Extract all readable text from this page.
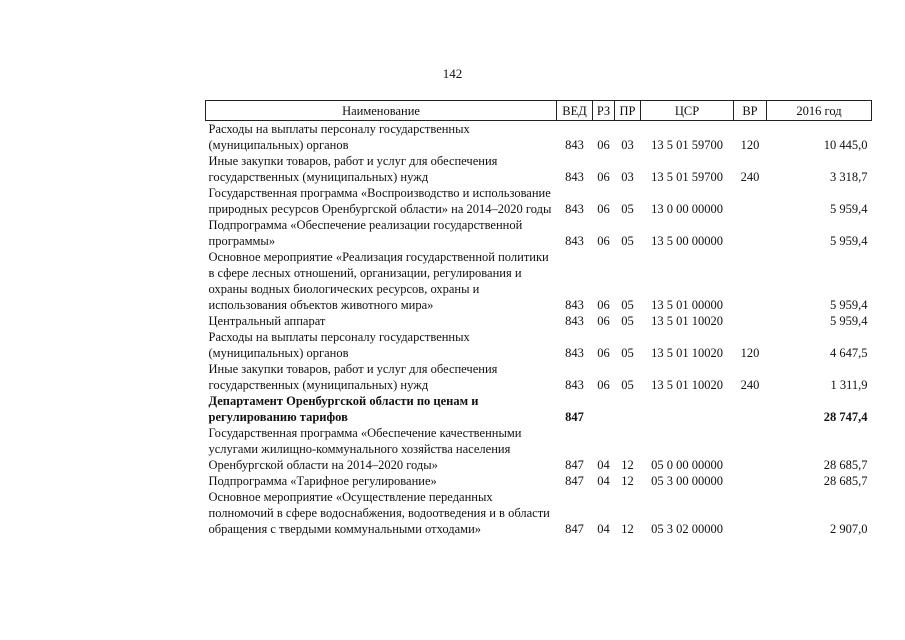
142
Наименование	ВЕД	РЗ	ПР	ЦСР	ВР	2016 год
Расходы на выплаты персоналу государственных (муниципальных) органов	843	06	03	13 5 01 59700	120	10 445,0
Иные закупки товаров, работ и услуг для обеспечения государственных (муниципальных) нужд	843	06	03	13 5 01 59700	240	3 318,7
Государственная программа «Воспроизводство и использование природных ресурсов Оренбургской области» на 2014–2020 годы	843	06	05	13 0 00 00000		5 959,4
Подпрограмма «Обеспечение реализации государственной программы»	843	06	05	13 5 00 00000		5 959,4
Основное мероприятие «Реализация государственной политики в сфере лесных отношений, организации, регулирования и охраны водных биологических ресурсов, охраны и использования объектов животного мира»	843	06	05	13 5 01 00000		5 959,4
Центральный аппарат	843	06	05	13 5 01 10020		5 959,4
Расходы на выплаты персоналу государственных (муниципальных) органов	843	06	05	13 5 01 10020	120	4 647,5
Иные закупки товаров, работ и услуг для обеспечения государственных (муниципальных) нужд	843	06	05	13 5 01 10020	240	1 311,9
Департамент Оренбургской области по ценам и регулированию тарифов	847					28 747,4
Государственная программа «Обеспечение качественными услугами жилищно-коммунального хозяйства населения Оренбургской области на 2014–2020 годы»	847	04	12	05 0 00 00000		28 685,7
Подпрограмма «Тарифное регулирование»	847	04	12	05 3 00 00000		28 685,7
Основное мероприятие «Осуществление переданных полномочий в сфере водоснабжения, водоотведения и в области обращения с твердыми коммунальными отходами»	847	04	12	05 3 02 00000		2 907,0
